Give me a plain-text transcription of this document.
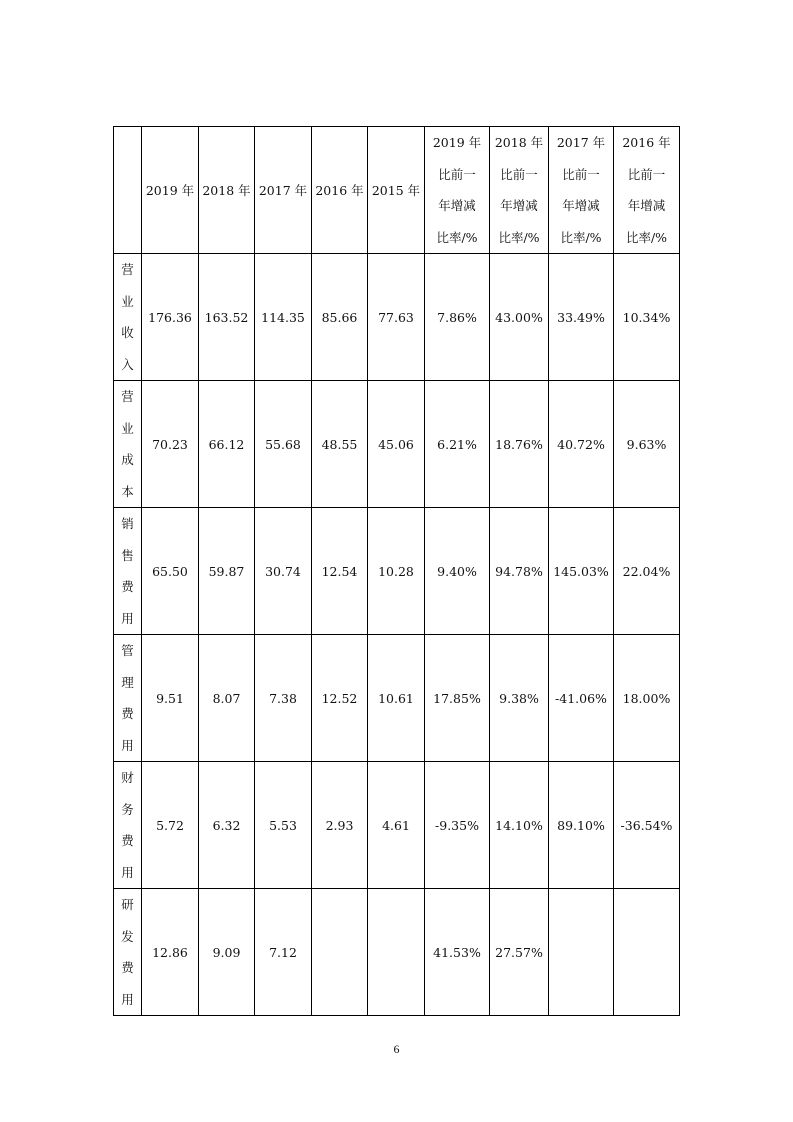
	2019 年	2018 年	2017 年	2016 年	2015 年	2019 年
比前一
年增减
比率/%	2018 年
比前一
年增减
比率/%	2017 年
比前一
年增减
比率/%	2016 年
比前一
年增减
比率/%

营
业
收
入	176.36	163.52	114.35	85.66	77.63	7.86%	43.00%	33.49%	10.34%

营
业
成
本	70.23	66.12	55.68	48.55	45.06	6.21%	18.76%	40.72%	9.63%

销
售
费
用	65.50	59.87	30.74	12.54	10.28	9.40%	94.78%	145.03%	22.04%

管
理
费
用	9.51	8.07	7.38	12.52	10.61	17.85%	9.38%	-41.06%	18.00%

财
务
费
用	5.72	6.32	5.53	2.93	4.61	-9.35%	14.10%	89.10%	-36.54%

研
发
费
用	12.86	9.09	7.12			41.53%	27.57%		
6
